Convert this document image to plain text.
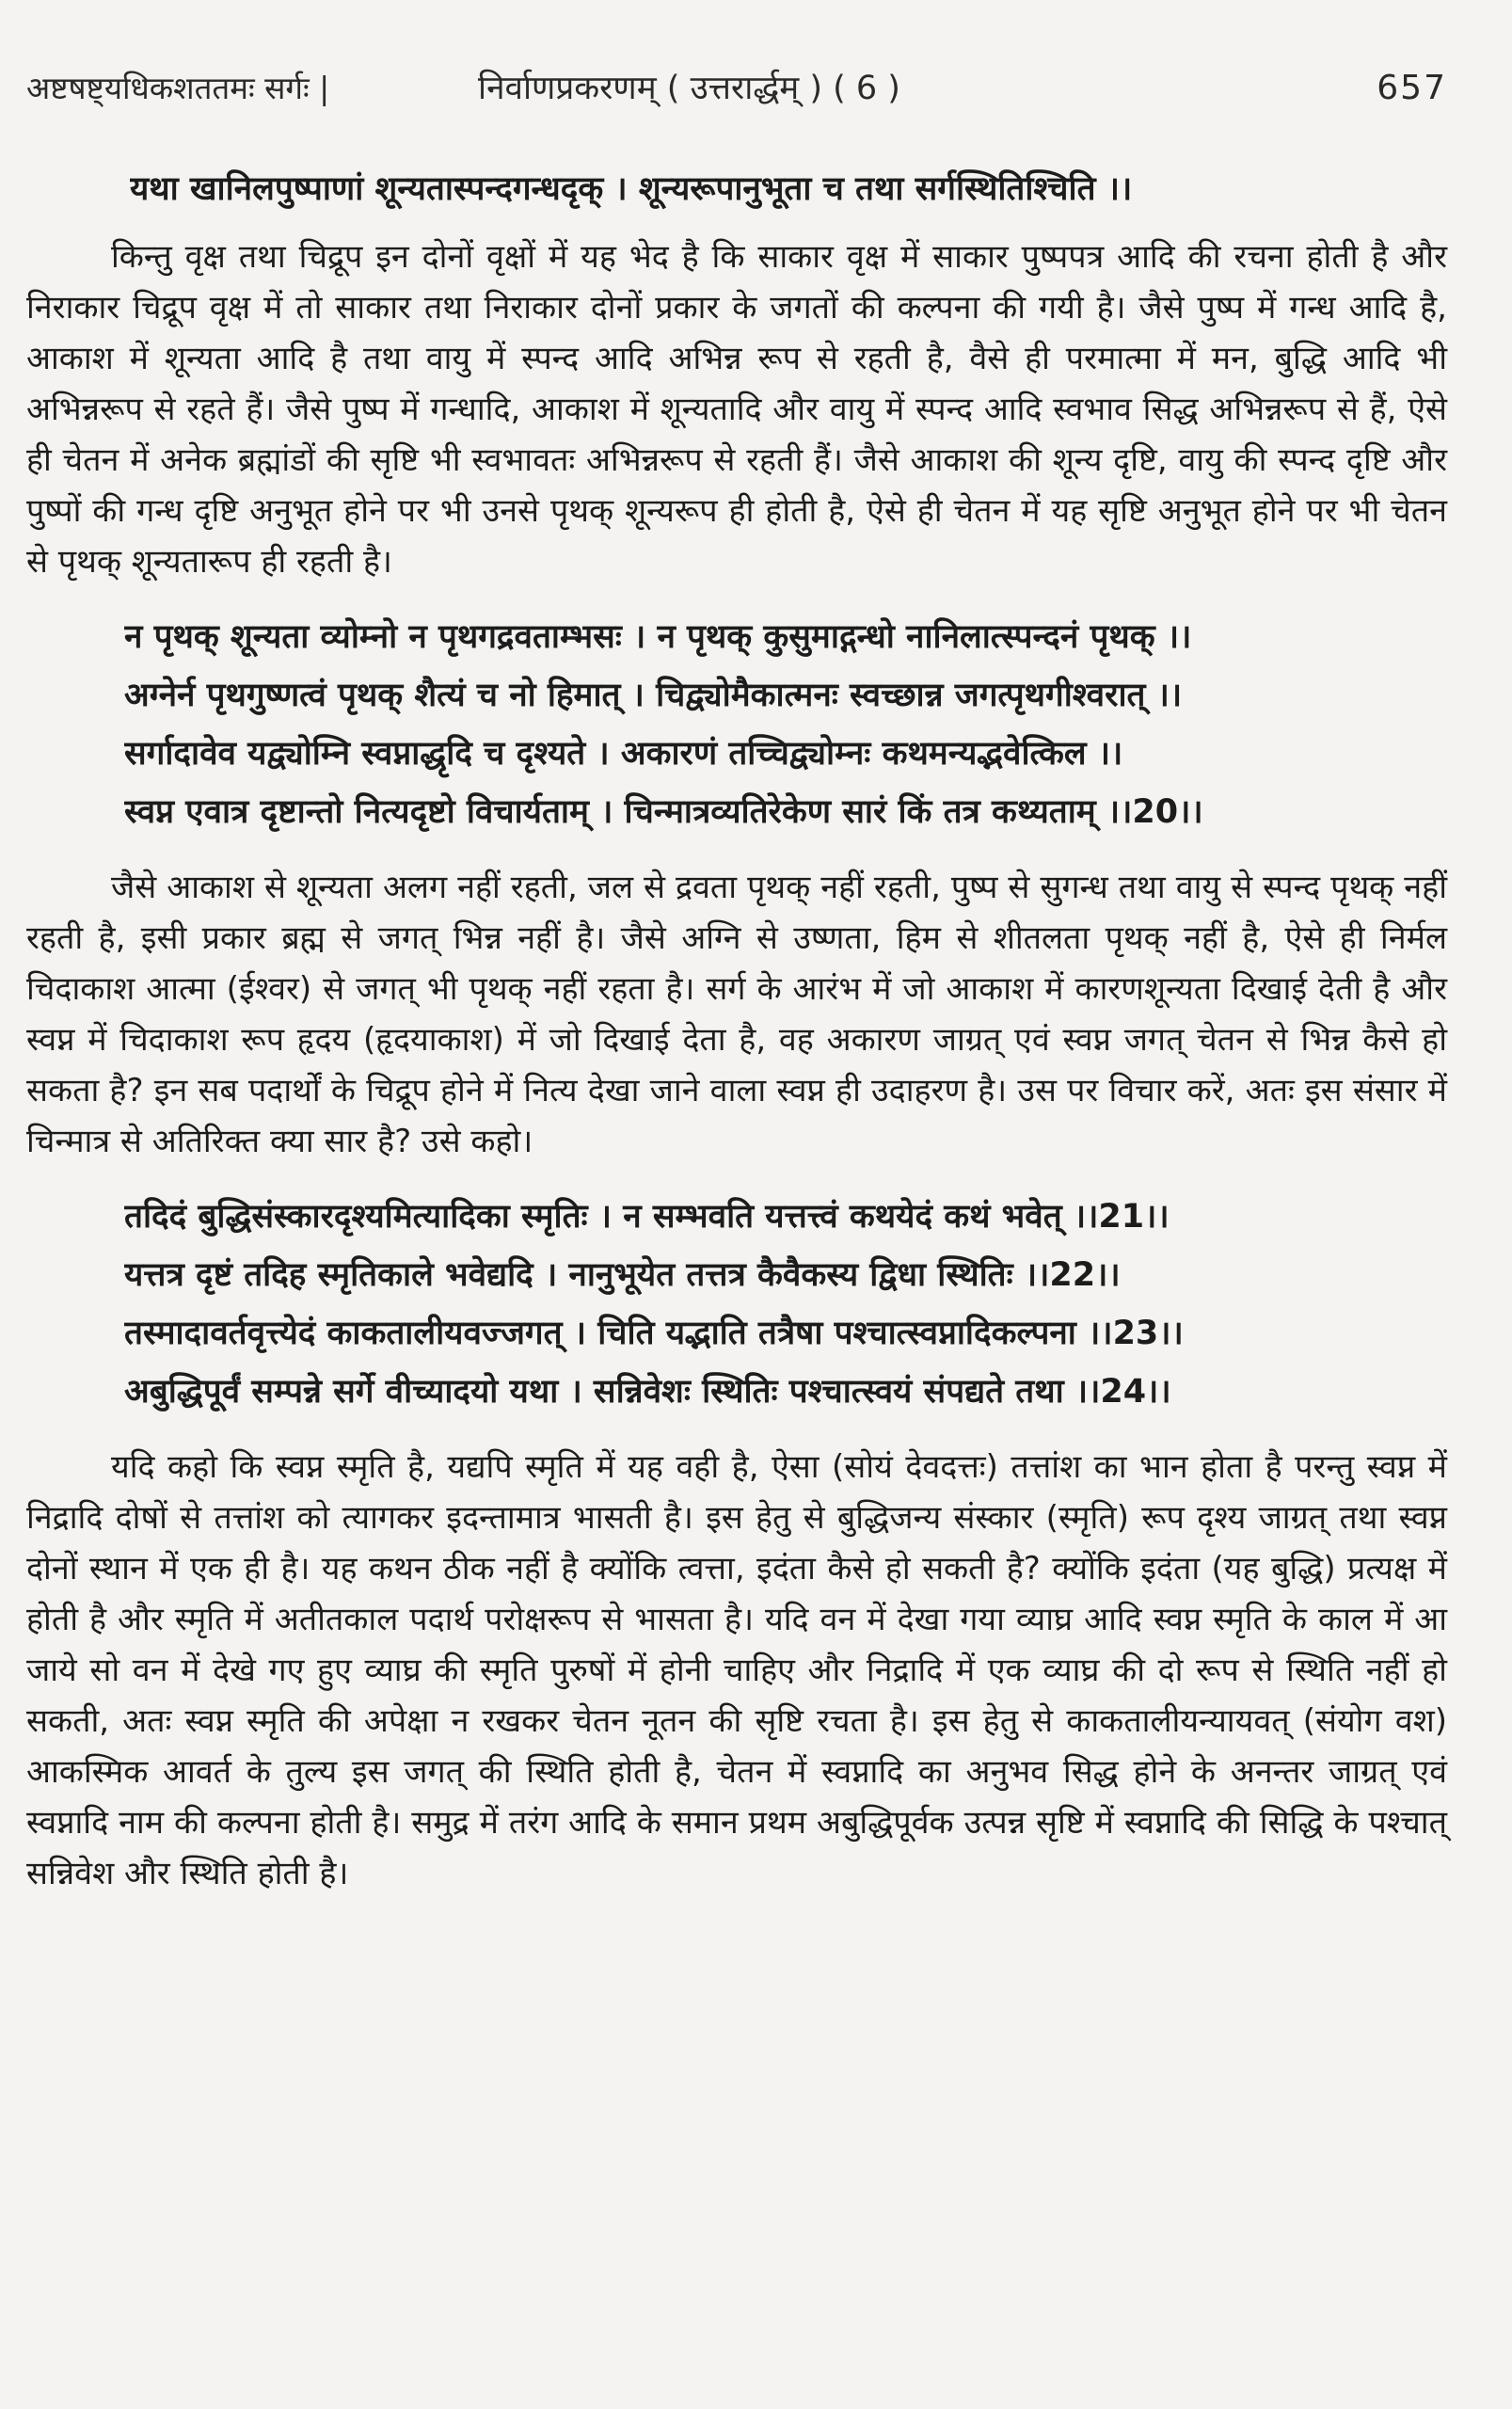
अष्टषष्ट्यधिकशततमः सर्गः |	निर्वाणप्रकरणम् ( उत्तरार्द्धम् ) ( 6 )	657
यथा खानिलपुष्पाणां शून्यतास्पन्दगन्धदृक् । शून्यरूपानुभूता च तथा सर्गस्थितिश्चिति ।।

किन्तु वृक्ष तथा चिद्रूप इन दोनों वृक्षों में यह भेद है कि साकार वृक्ष में साकार पुष्पपत्र आदि की रचना होती है और निराकार चिद्रूप वृक्ष में तो साकार तथा निराकार दोनों प्रकार के जगतों की कल्पना की गयी है। जैसे पुष्प में गन्ध आदि है, आकाश में शून्यता आदि है तथा वायु में स्पन्द आदि अभिन्न रूप से रहती है, वैसे ही परमात्मा में मन, बुद्धि आदि भी अभिन्नरूप से रहते हैं। जैसे पुष्प में गन्धादि, आकाश में शून्यतादि और वायु में स्पन्द आदि स्वभाव सिद्ध अभिन्नरूप से हैं, ऐसे ही चेतन में अनेक ब्रह्मांडों की सृष्टि भी स्वभावतः अभिन्नरूप से रहती हैं। जैसे आकाश की शून्य दृष्टि, वायु की स्पन्द दृष्टि और पुष्पों की गन्ध दृष्टि अनुभूत होने पर भी उनसे पृथक् शून्यरूप ही होती है, ऐसे ही चेतन में यह सृष्टि अनुभूत होने पर भी चेतन से पृथक् शून्यतारूप ही रहती है।

न पृथक् शून्यता व्योम्नो न पृथगद्रवताम्भसः । न पृथक् कुसुमाद्गन्धो नानिलात्स्पन्दनं पृथक् ।।
अग्नेर्न पृथगुष्णत्वं पृथक् शैत्यं च नो हिमात् । चिद्व्योमैकात्मनः स्वच्छान्न जगत्पृथगीश्वरात् ।।
सर्गादावेव यद्व्योम्नि स्वप्नाद्धृदि च दृश्यते । अकारणं तच्चिद्व्योम्नः कथमन्यद्भवेत्किल ।।
स्वप्न एवात्र दृष्टान्तो नित्यदृष्टो विचार्यताम् । चिन्मात्रव्यतिरेकेण सारं किं तत्र कथ्यताम् ।।20।।

जैसे आकाश से शून्यता अलग नहीं रहती, जल से द्रवता पृथक् नहीं रहती, पुष्प से सुगन्ध तथा वायु से स्पन्द पृथक् नहीं रहती है, इसी प्रकार ब्रह्म से जगत् भिन्न नहीं है। जैसे अग्नि से उष्णता, हिम से शीतलता पृथक् नहीं है, ऐसे ही निर्मल चिदाकाश आत्मा (ईश्वर) से जगत् भी पृथक् नहीं रहता है। सर्ग के आरंभ में जो आकाश में कारणशून्यता दिखाई देती है और स्वप्न में चिदाकाश रूप हृदय (हृदयाकाश) में जो दिखाई देता है, वह अकारण जाग्रत् एवं स्वप्न जगत् चेतन से भिन्न कैसे हो सकता है? इन सब पदार्थों के चिद्रूप होने में नित्य देखा जाने वाला स्वप्न ही उदाहरण है। उस पर विचार करें, अतः इस संसार में चिन्मात्र से अतिरिक्त क्या सार है? उसे कहो।

तदिदं बुद्धिसंस्कारदृश्यमित्यादिका स्मृतिः । न सम्भवति यत्तत्त्वं कथयेदं कथं भवेत् ।।21।।
यत्तत्र दृष्टं तदिह स्मृतिकाले भवेद्यदि । नानुभूयेत तत्तत्र कैवैकस्य द्विधा स्थितिः ।।22।।
तस्मादावर्तवृत्त्येदं काकतालीयवज्जगत् । चिति यद्भाति तत्रैषा पश्चात्स्वप्नादिकल्पना ।।23।।
अबुद्धिपूर्वं सम्पन्ने सर्गे वीच्यादयो यथा । सन्निवेशः स्थितिः पश्चात्स्वयं संपद्यते तथा ।।24।।

यदि कहो कि स्वप्न स्मृति है, यद्यपि स्मृति में यह वही है, ऐसा (सोयं देवदत्तः) तत्तांश का भान होता है परन्तु स्वप्न में निद्रादि दोषों से तत्तांश को त्यागकर इदन्तामात्र भासती है। इस हेतु से बुद्धिजन्य संस्कार (स्मृति) रूप दृश्य जाग्रत् तथा स्वप्न दोनों स्थान में एक ही है। यह कथन ठीक नहीं है क्योंकि त्वत्ता, इदंता कैसे हो सकती है? क्योंकि इदंता (यह बुद्धि) प्रत्यक्ष में होती है और स्मृति में अतीतकाल पदार्थ परोक्षरूप से भासता है। यदि वन में देखा गया व्याघ्र आदि स्वप्न स्मृति के काल में आ जाये सो वन में देखे गए हुए व्याघ्र की स्मृति पुरुषों में होनी चाहिए और निद्रादि में एक व्याघ्र की दो रूप से स्थिति नहीं हो सकती, अतः स्वप्न स्मृति की अपेक्षा न रखकर चेतन नूतन की सृष्टि रचता है। इस हेतु से काकतालीयन्यायवत् (संयोग वश) आकस्मिक आवर्त के तुल्य इस जगत् की स्थिति होती है, चेतन में स्वप्नादि का अनुभव सिद्ध होने के अनन्तर जाग्रत् एवं स्वप्नादि नाम की कल्पना होती है। समुद्र में तरंग आदि के समान प्रथम अबुद्धिपूर्वक उत्पन्न सृष्टि में स्वप्नादि की सिद्धि के पश्चात् सन्निवेश और स्थिति होती है।
